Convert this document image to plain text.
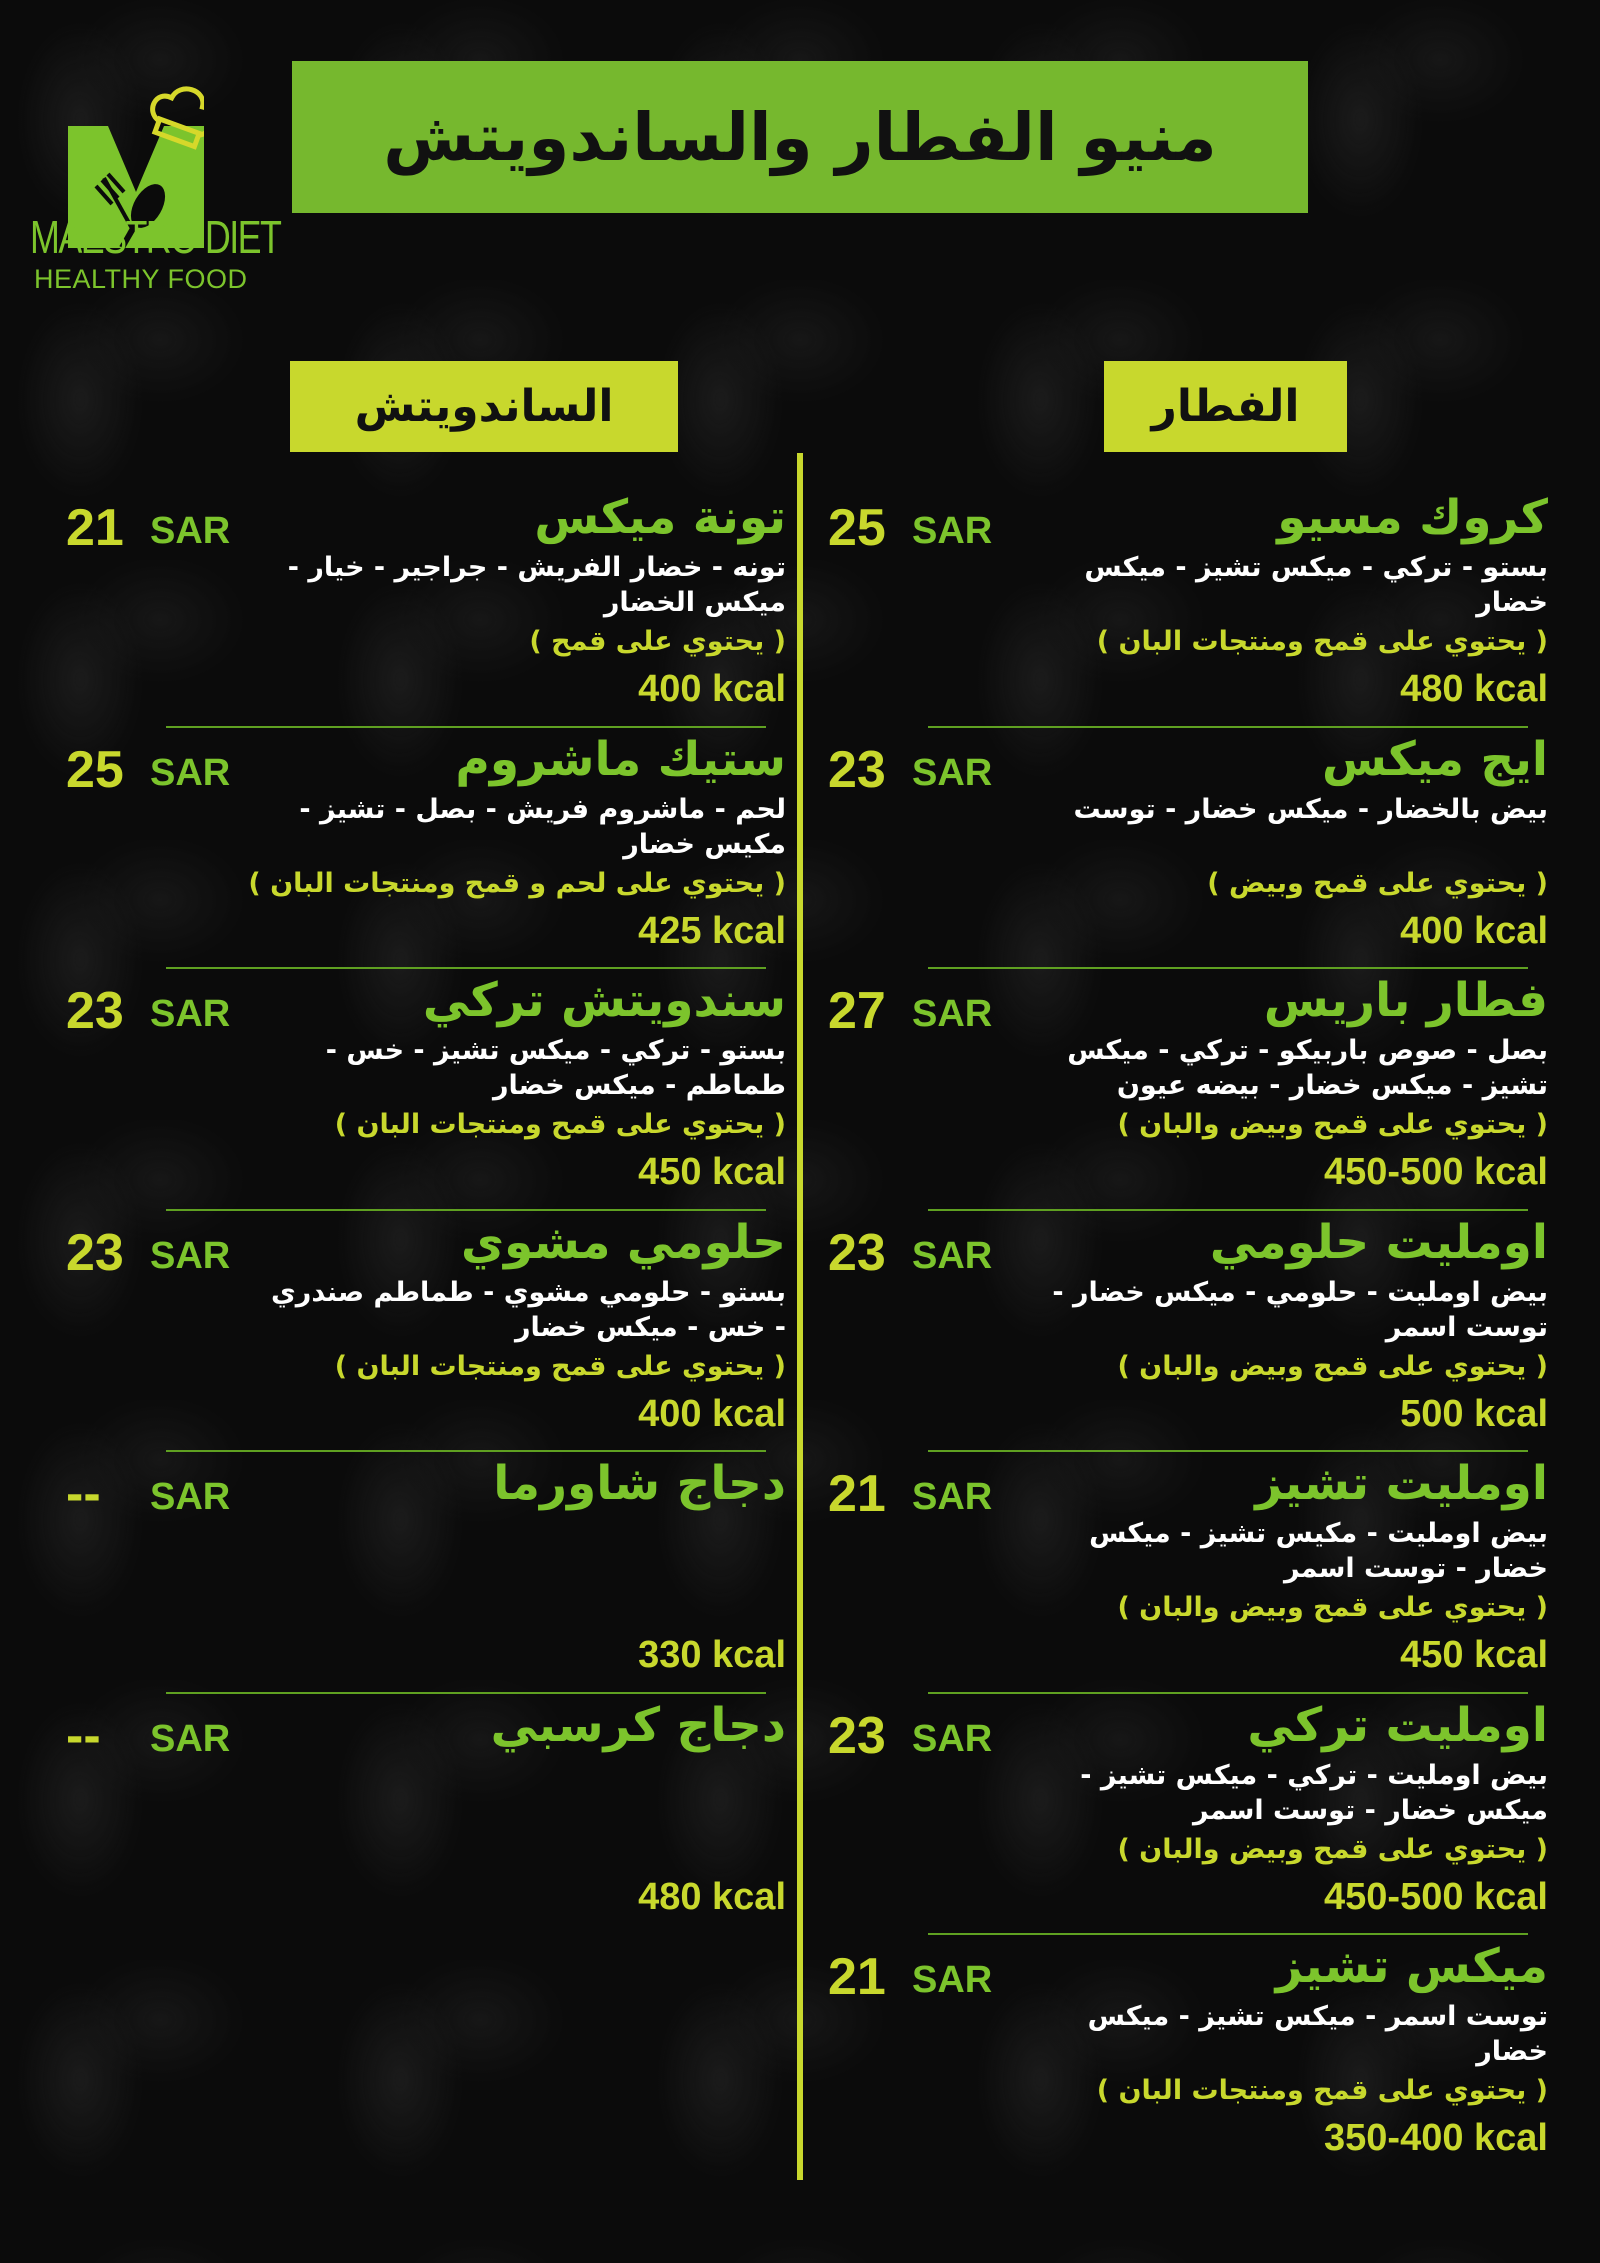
MAESTRO DIET
HEALTHY FOOD
منيو الفطار والساندويتش
الفطار
الساندويتش
25 SAR	كروك مسيو
بستو - تركي - ميكس تشيز - ميكس خضار
( يحتوي على قمح ومنتجات البان )
480 kcal
23 SAR	ايج ميكس
بيض بالخضار - ميكس خضار - توست
( يحتوي على قمح وبيض )
400 kcal
27 SAR	فطار باريس
بصل - صوص باربيكو - تركي - ميكس تشيز - ميكس خضار - بيضه عيون
( يحتوي على قمح وبيض والبان )
450-500 kcal
23 SAR	اومليت حلومي
بيض اومليت - حلومي - ميكس خضار - توست اسمر
( يحتوي على قمح وبيض والبان )
500 kcal
21 SAR	اومليت تشيز
بيض اومليت - مكيس تشيز - ميكس خضار - توست اسمر
( يحتوي على قمح وبيض والبان )
450 kcal
23 SAR	اومليت تركي
بيض اومليت - تركي - ميكس تشيز - ميكس خضار - توست اسمر
( يحتوي على قمح وبيض والبان )
450-500 kcal
21 SAR	ميكس تشيز
توست اسمر - ميكس تشيز - ميكس خضار
( يحتوي على قمح ومنتجات البان )
350-400 kcal
21 SAR	تونة ميكس
تونه - خضار الفريش - جراجير - خيار - ميكس الخضار
( يحتوي على قمح )
400 kcal
25 SAR	ستيك ماشروم
لحم - ماشروم فريش - بصل - تشيز - مكيس خضار
( يحتوي على لحم و قمح ومنتجات البان )
425 kcal
23 SAR	سندويتش تركي
بستو - تركي - ميكس تشيز - خس - طماطم - ميكس خضار
( يحتوي على قمح ومنتجات البان )
450 kcal
23 SAR	حلومي مشوي
بستو - حلومي مشوي - طماطم صندري - خس - ميكس خضار
( يحتوي على قمح ومنتجات البان )
400 kcal
-- SAR	دجاج شاورما
330 kcal
-- SAR	دجاج كرسبي
480 kcal
